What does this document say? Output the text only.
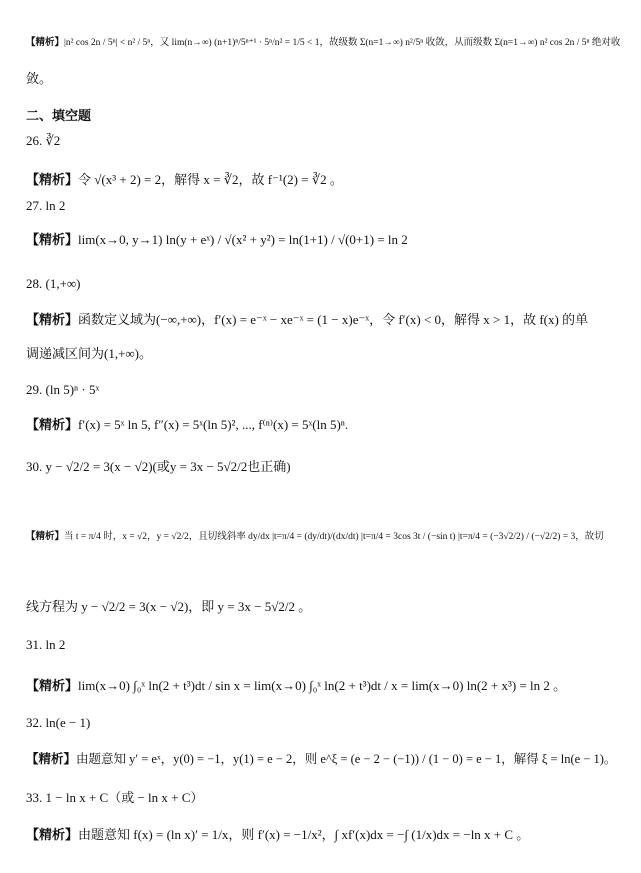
【精析】|n² cos 2n / 5ⁿ| < n² / 5ⁿ，又 lim(n→∞) (n+1)ⁿ/5ⁿ⁺¹ · 5ⁿ/n² = 1/5 < 1，故级数 Σ(n=1→∞) n²/5ⁿ 收敛，从而级数 Σ(n=1→∞) n² cos 2n / 5ⁿ 绝对收
敛。
二、填空题
26. ∛2
【精析】令 √(x³ + 2) = 2，解得 x = ∛2，故 f⁻¹(2) = ∛2 。
27. ln 2
【精析】lim(x→0, y→1) ln(y + eˣ) / √(x² + y²) = ln(1+1) / √(0+1) = ln 2
28. (1,+∞)
【精析】函数定义域为(−∞,+∞)，f′(x) = e⁻ˣ − xe⁻ˣ = (1 − x)e⁻ˣ，令 f′(x) < 0，解得 x > 1，故 f(x) 的单
调递减区间为(1,+∞)。
29. (ln 5)ⁿ · 5ˣ
【精析】f′(x) = 5ˣ ln 5, f″(x) = 5ˣ(ln 5)², ..., f⁽ⁿ⁾(x) = 5ˣ(ln 5)ⁿ.
30. y − √2/2 = 3(x − √2)(或y = 3x − 5√2/2也正确)
【精析】当 t = π/4 时，x = √2，y = √2/2，且切线斜率 dy/dx |t=π/4 = (dy/dt)/(dx/dt) |t=π/4 = 3cos 3t / (−sin t) |t=π/4 = (−3√2/2) / (−√2/2) = 3，故切
线方程为 y − √2/2 = 3(x − √2)，即 y = 3x − 5√2/2 。
31. ln 2
【精析】lim(x→0) ∫₀ˣ ln(2 + t³)dt / sin x = lim(x→0) ∫₀ˣ ln(2 + t³)dt / x = lim(x→0) ln(2 + x³) = ln 2 。
32. ln(e − 1)
【精析】由题意知 y′ = eˣ，y(0) = −1，y(1) = e − 2，则 e^ξ = (e − 2 − (−1)) / (1 − 0) = e − 1，解得 ξ = ln(e − 1)。
33. 1 − ln x + C（或 − ln x + C）
【精析】由题意知 f(x) = (ln x)′ = 1/x，则 f′(x) = −1/x²，∫ xf′(x)dx = −∫ (1/x)dx = −ln x + C 。
